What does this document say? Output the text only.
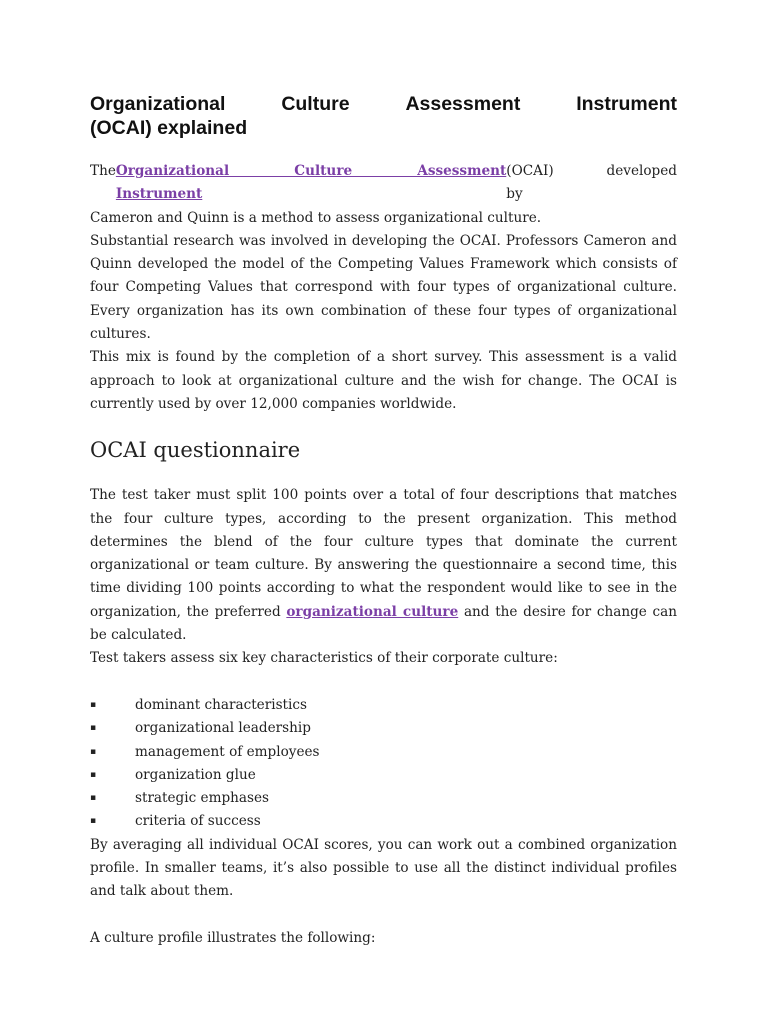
Organizational	Culture	Assessment	Instrument
(OCAI) explained

The Organizational Culture Assessment Instrument
(OCAI) developed by
Cameron and Quinn is a method to assess organizational culture.

Substantial research was involved in developing the OCAI. Professors Cameron and Quinn developed the model of the Competing Values Framework which consists of four Competing Values that correspond with four types of organizational culture. Every organization has its own combination of these four types of organizational cultures.

This mix is found by the completion of a short survey. This assessment is a valid approach to look at organizational culture and the wish for change. The OCAI is currently used by over 12,000 companies worldwide.

OCAI questionnaire

The test taker must split 100 points over a total of four descriptions that matches the four culture types, according to the present organization. This method determines the blend of the four culture types that dominate the current organizational or team culture. By answering the questionnaire a second time, this time dividing 100 points according to what the respondent would like to see in the organization, the preferred organizational culture and the desire for change can be calculated.

Test takers assess six key characteristics of their corporate culture:

▪	dominant characteristics
▪	organizational leadership
▪	management of employees
▪	organization glue
▪	strategic emphases
▪	criteria of success

By averaging all individual OCAI scores, you can work out a combined organization profile. In smaller teams, it’s also possible to use all the distinct individual profiles and talk about them.

A culture profile illustrates the following:
